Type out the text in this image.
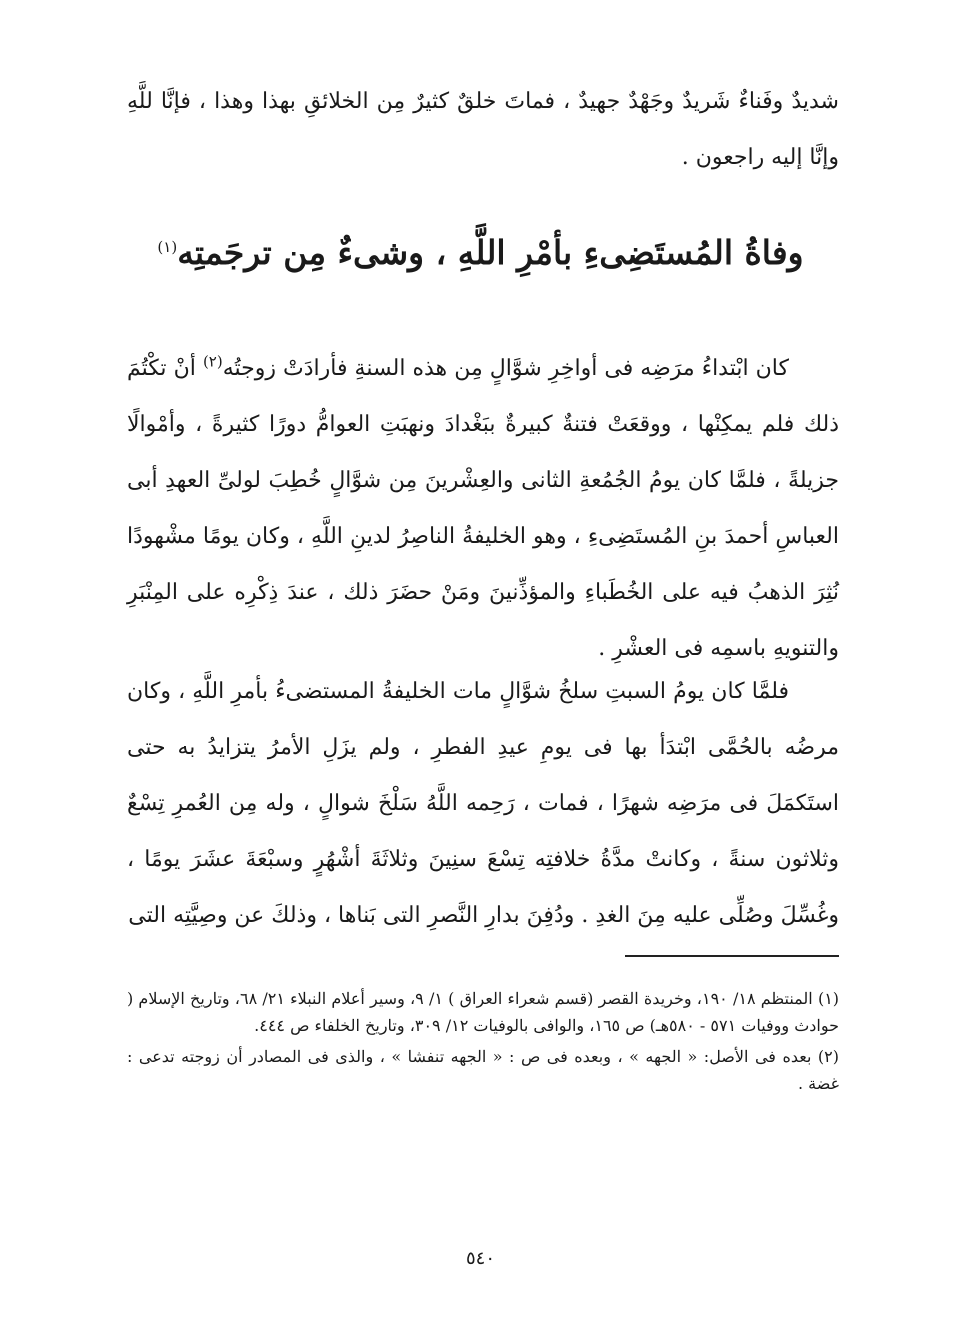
شديدٌ وفَناءٌ شَريدٌ وجَهْدٌ جهيدٌ ، فماتَ خلقٌ كثيرٌ مِن الخلائقِ بهذا وهذا ، فإنَّا للَّهِ وإنَّا إليه راجعون .

وفاةُ المُستَضِىءِ بأمْرِ اللَّهِ ، وشىءٌ مِن ترجَمتِه$^{(١)}$

كان ابْتداءُ مرَضِه فى أواخِرِ شوَّالٍ مِن هذه السنةِ فأرادَتْ زوجتُه$^{(٢)}$ أنْ تكْتُمَ ذلك فلم يمكِنْها ، ووقعَتْ فتنةٌ كبيرةٌ ببَغْدادَ ونهبَتِ العوامُّ دورًا كثيرةً ، وأمْوالًا جزيلةً ، فلمَّا كان يومُ الجُمُعةِ الثانى والعِشْرينَ مِن شوَّالٍ خُطِبَ لولىِّ العهدِ أبى العباسِ أحمدَ بنِ المُستَضِىءِ ، وهو الخليفةُ الناصِرُ لدينِ اللَّهِ ، وكان يومًا مشْهودًا نُثِرَ الذهبُ فيه على الخُطَباءِ والمؤذِّنينَ ومَنْ حضَرَ ذلك ، عندَ ذِكْرِه على المِنْبَرِ والتنويهِ باسمِه فى العشْرِ .

فلمَّا كان يومُ السبتِ سلخُ شوَّالٍ مات الخليفةُ المستضىءُ بأمرِ اللَّهِ ، وكان مرضُه بالحُمَّى ابْتدَأ بها فى يومِ عيدِ الفطرِ ، ولم يزَلِ الأمرُ يتزايدُ به حتى استَكمَلَ فى مرَضِه شهرًا ، فمات ، رَحِمه اللَّهُ سَلْخَ شوالٍ ، وله مِن العُمرِ تِسْعٌ وثلاثون سنةً ، وكانتْ مدَّةُ خلافتِه تِسْعَ سنِينَ وثلاثَةَ أشْهُرٍ وسبْعَةَ عشَرَ يومًا ، وغُسِّلَ وصُلِّى عليه مِنَ الغدِ . ودُفِنَ بدارِ النَّصرِ التى بَناها ، وذلكَ عن وصِيَّتِه التى

(١) المنتظم ١٨/ ١٩٠، وخريدة القصر (قسم شعراء العراق ) ١/ ٩، وسير أعلام النبلاء ٢١/ ٦٨، وتاريخ الإسلام ( حوادث ووفيات ٥٧١ - ٥٨٠هـ) ص ١٦٥، والوافى بالوفيات ١٢/ ٣٠٩، وتاريخ الخلفاء ص ٤٤٤.

(٢) بعده فى الأصل: « الجهه » ، وبعده فى ص : « الجهه تنفشا » ، والذى فى المصادر أن زوجته تدعى : غضة .

٥٤٠
